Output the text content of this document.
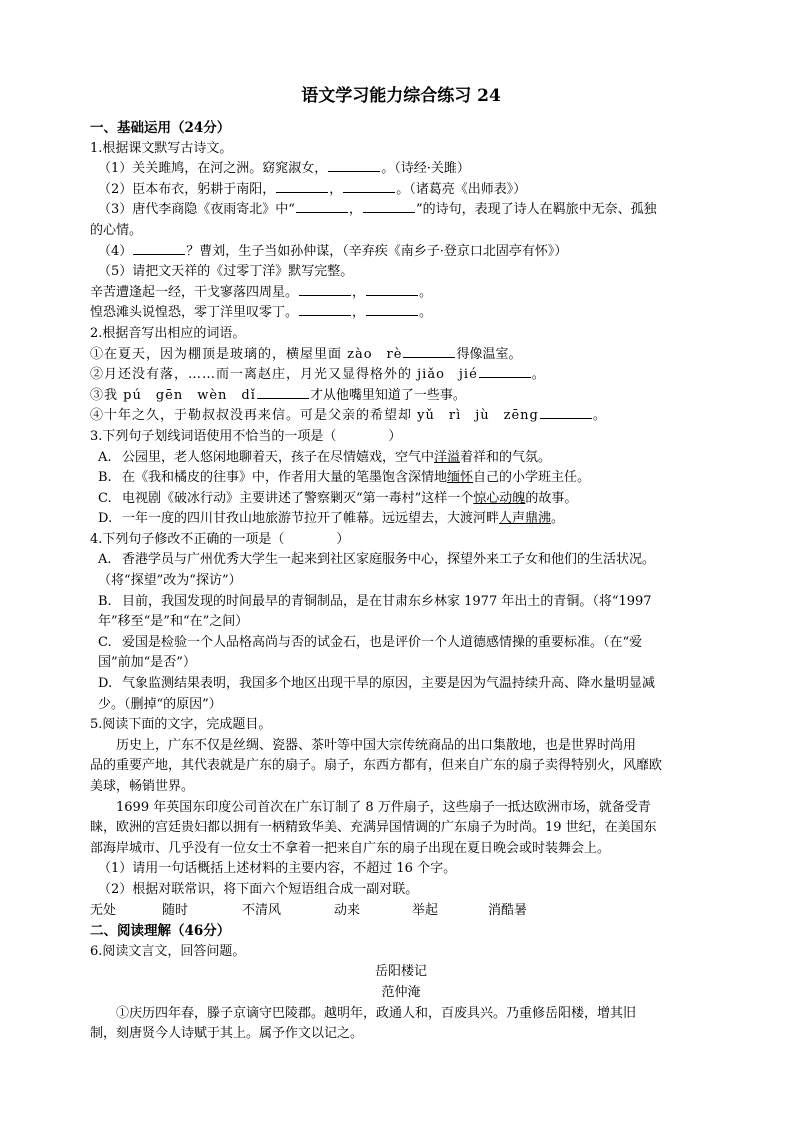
语文学习能力综合练习 24
一、基础运用（24分）
1.根据课文默写古诗文。
（1）关关雎鸠，在河之洲。窈窕淑女，	。（诗经·关雎）
（2）臣本布衣，躬耕于南阳，	，	。（诸葛亮《出师表》）
（3）唐代李商隐《夜雨寄北》中“	，	”的诗句，表现了诗人在羁旅中无奈、孤独
的心情。
（4）	？曹刘，生子当如孙仲谋，（辛弃疾《南乡子·登京口北固亭有怀》）
（5）请把文天祥的《过零丁洋》默写完整。
辛苦遭逢起一经，干戈寥落四周星。	，	。
惶恐滩头说惶恐，零丁洋里叹零丁。	，	。
2.根据音写出相应的词语。
①在夏天，因为棚顶是玻璃的，横屋里面 zào　rè	得像温室。
②月还没有落，……而一离赵庄，月光又显得格外的 jiǎo　jié	。
③我 pú　gēn　wèn　dǐ	才从他嘴里知道了一些事。
④十年之久，于勒叔叔没再来信。可是父亲的希望却 yǔ　rì　jù　zēng	。
3.下列句子划线词语使用不恰当的一项是（　　　　）
A. 公园里，老人悠闲地聊着天，孩子在尽情嬉戏，空气中洋溢着祥和的气氛。
B. 在《我和橘皮的往事》中，作者用大量的笔墨饱含深情地缅怀自己的小学班主任。
C. 电视剧《破冰行动》主要讲述了警察剿灭“第一毒村”这样一个惊心动魄的故事。
D. 一年一度的四川甘孜山地旅游节拉开了帷幕。远远望去，大渡河畔人声鼎沸。
4.下列句子修改不正确的一项是（　　　　）
A. 香港学员与广州优秀大学生一起来到社区家庭服务中心，探望外来工子女和他们的生活状况。
（将“探望”改为“探访”）
B. 目前，我国发现的时间最早的青铜制品，是在甘肃东乡林家 1977 年出土的青铜。（将“1997
年”移至“是”和“在”之间）
C. 爱国是检验一个人品格高尚与否的试金石，也是评价一个人道德感情操的重要标准。（在“爱
国”前加“是否”）
D. 气象监测结果表明，我国多个地区出现干旱的原因，主要是因为气温持续升高、降水量明显减
少。（删掉“的原因”）
5.阅读下面的文字，完成题目。
历史上，广东不仅是丝绸、瓷器、茶叶等中国大宗传统商品的出口集散地，也是世界时尚用
品的重要产地，其代表就是广东的扇子。扇子，东西方都有，但来自广东的扇子卖得特别火，风靡欧
美球，畅销世界。
1699 年英国东印度公司首次在广东订制了 8 万件扇子，这些扇子一抵达欧洲市场，就备受青
睐，欧洲的宫廷贵妇都以拥有一柄精致华美、充满异国情调的广东扇子为时尚。19 世纪，在美国东
部海岸城市、几乎没有一位女士不拿着一把来自广东的扇子出现在夏日晚会或时装舞会上。
（1）请用一句话概括上述材料的主要内容，不超过 16 个字。
（2）根据对联常识，将下面六个短语组合成一副对联。
无处	随时	不清风	动来	举起	消酷暑
二、阅读理解（46分）
6.阅读文言文，回答问题。
岳阳楼记
范仲淹
①庆历四年春，滕子京谪守巴陵郡。越明年，政通人和，百废具兴。乃重修岳阳楼，增其旧
制，刻唐贤今人诗赋于其上。属予作文以记之。
